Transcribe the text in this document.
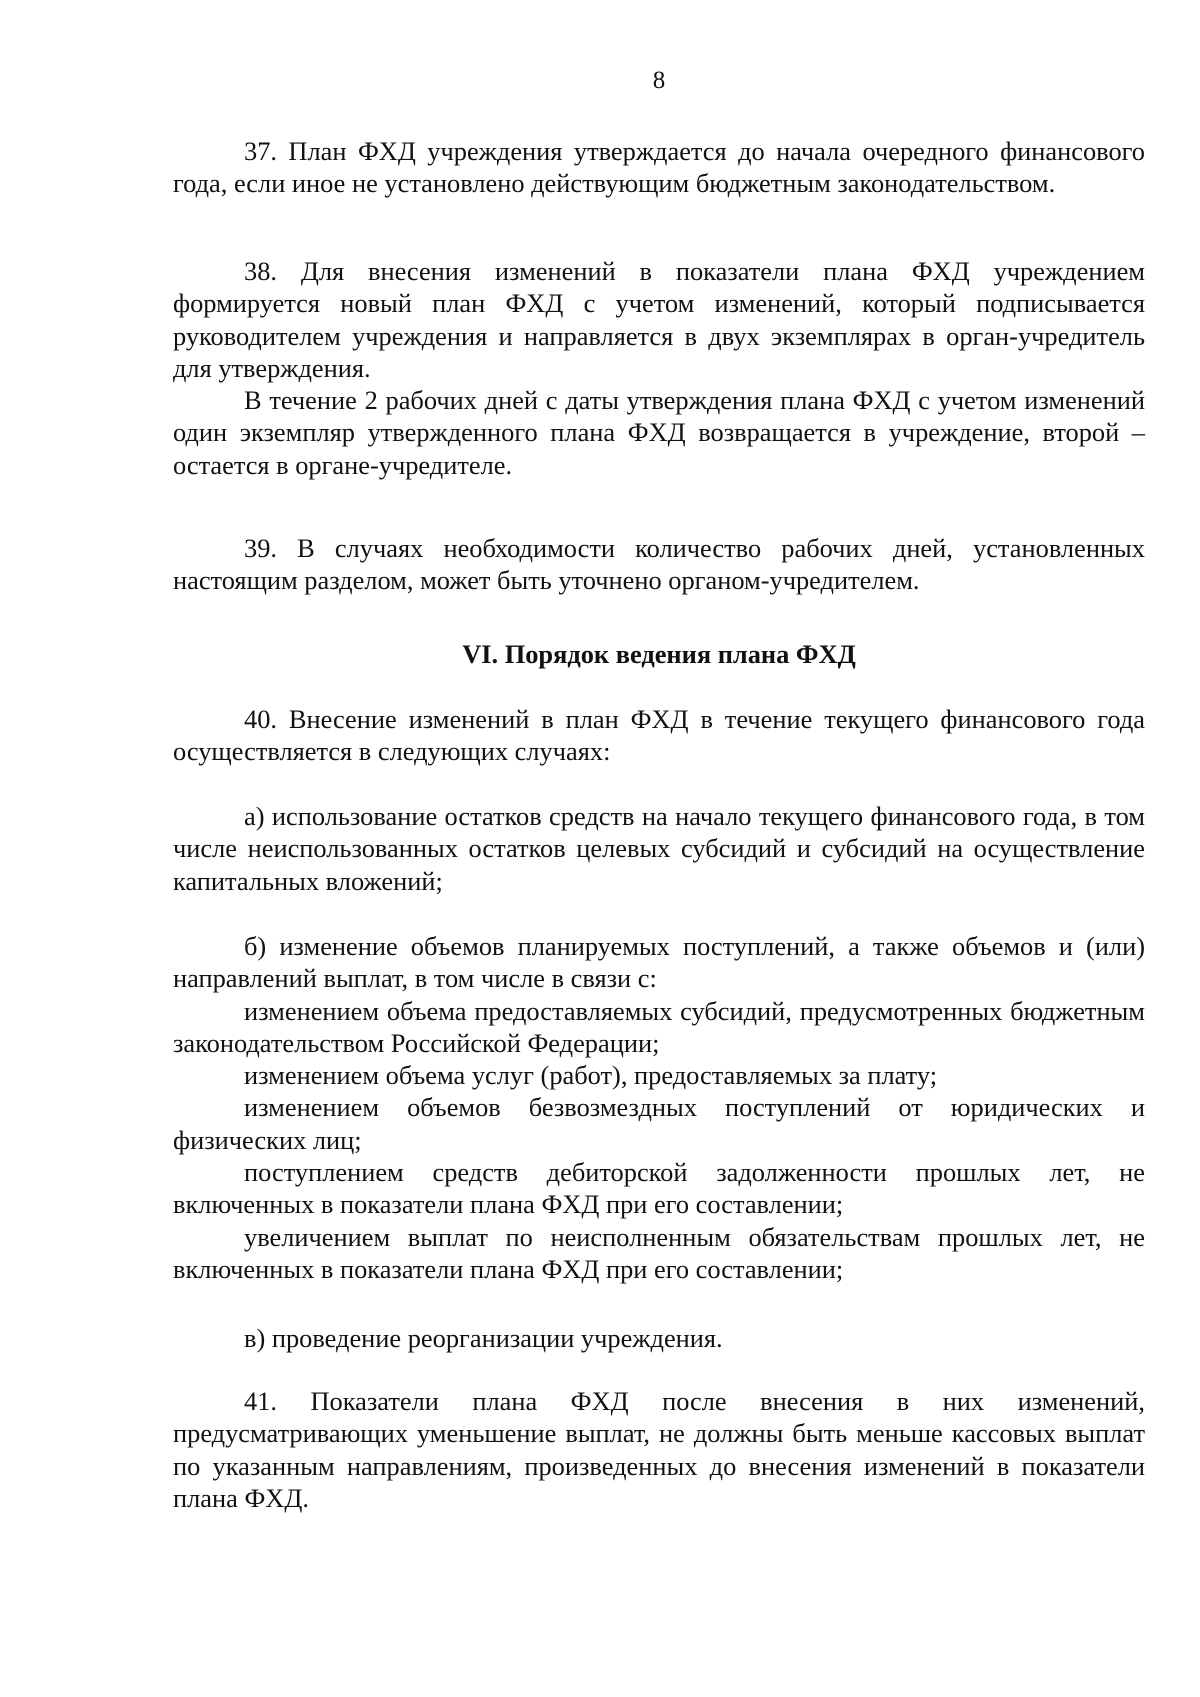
8

37. План ФХД учреждения утверждается до начала очередного финансового года, если иное не установлено действующим бюджетным законодательством.

38. Для внесения изменений в показатели плана ФХД учреждением формируется новый план ФХД с учетом изменений, который подписывается руководителем учреждения и направляется в двух экземплярах в орган-учредитель для утверждения.

В течение 2 рабочих дней с даты утверждения плана ФХД с учетом изменений один экземпляр утвержденного плана ФХД возвращается в учреждение, второй – остается в органе-учредителе.

39. В случаях необходимости количество рабочих дней, установленных настоящим разделом, может быть уточнено органом-учредителем.

VI. Порядок ведения плана ФХД

40. Внесение изменений в план ФХД в течение текущего финансового года осуществляется в следующих случаях:

а) использование остатков средств на начало текущего финансового года, в том числе неиспользованных остатков целевых субсидий и субсидий на осуществление капитальных вложений;

б) изменение объемов планируемых поступлений, а также объемов и (или) направлений выплат, в том числе в связи с:

изменением объема предоставляемых субсидий, предусмотренных бюджетным законодательством Российской Федерации;

изменением объема услуг (работ), предоставляемых за плату;

изменением объемов безвозмездных поступлений от юридических и физических лиц;

поступлением средств дебиторской задолженности прошлых лет, не включенных в показатели плана ФХД при его составлении;

увеличением выплат по неисполненным обязательствам прошлых лет, не включенных в показатели плана ФХД при его составлении;

в) проведение реорганизации учреждения.

41. Показатели плана ФХД после внесения в них изменений, предусматривающих уменьшение выплат, не должны быть меньше кассовых выплат по указанным направлениям, произведенных до внесения изменений в показатели плана ФХД.
